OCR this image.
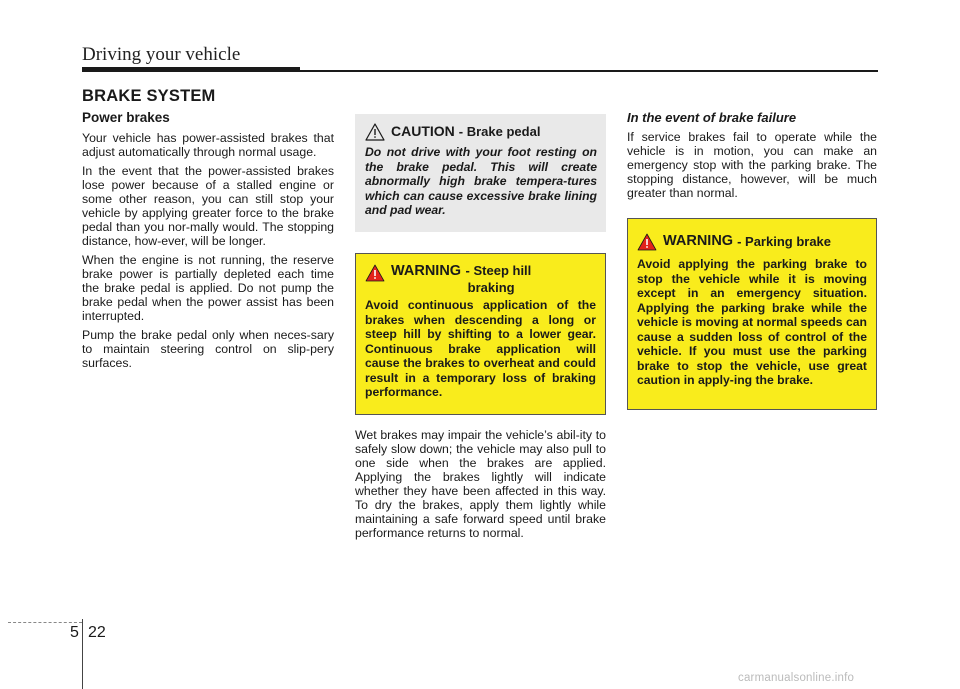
Driving your vehicle
BRAKE SYSTEM
Power brakes

Your vehicle has power-assisted brakes that adjust automatically through normal usage.

In the event that the power-assisted brakes lose power because of a stalled engine or some other reason, you can still stop your vehicle by applying greater force to the brake pedal than you nor-mally would. The stopping distance, how-ever, will be longer.

When the engine is not running, the reserve brake power is partially depleted each time the brake pedal is applied. Do not pump the brake pedal when the power assist has been interrupted.

Pump the brake pedal only when neces-sary to maintain steering control on slip-pery surfaces.

CAUTION - Brake pedal
Do not drive with your foot resting on the brake pedal. This will create abnormally high brake tempera-tures which can cause excessive brake lining and pad wear.
WARNING - Steep hill
braking
Avoid continuous application of the brakes when descending a long or steep hill by shifting to a lower gear. Continuous brake application will cause the brakes to overheat and could result in a temporary loss of braking performance.
Wet brakes may impair the vehicle’s abil-ity to safely slow down; the vehicle may also pull to one side when the brakes are applied. Applying the brakes lightly will indicate whether they have been affected in this way. To dry the brakes, apply them lightly while maintaining a safe forward speed until brake performance returns to normal.
In the event of brake failure

If service brakes fail to operate while the vehicle is in motion, you can make an emergency stop with the parking brake. The stopping distance, however, will be much greater than normal.

WARNING - Parking brake
Avoid applying the parking brake to stop the vehicle while it is moving except in an emergency situation. Applying the parking brake while the vehicle is moving at normal speeds can cause a sudden loss of control of the vehicle. If you must use the parking brake to stop the vehicle, use great caution in apply-ing the brake.
5 22
carmanualsonline.info
